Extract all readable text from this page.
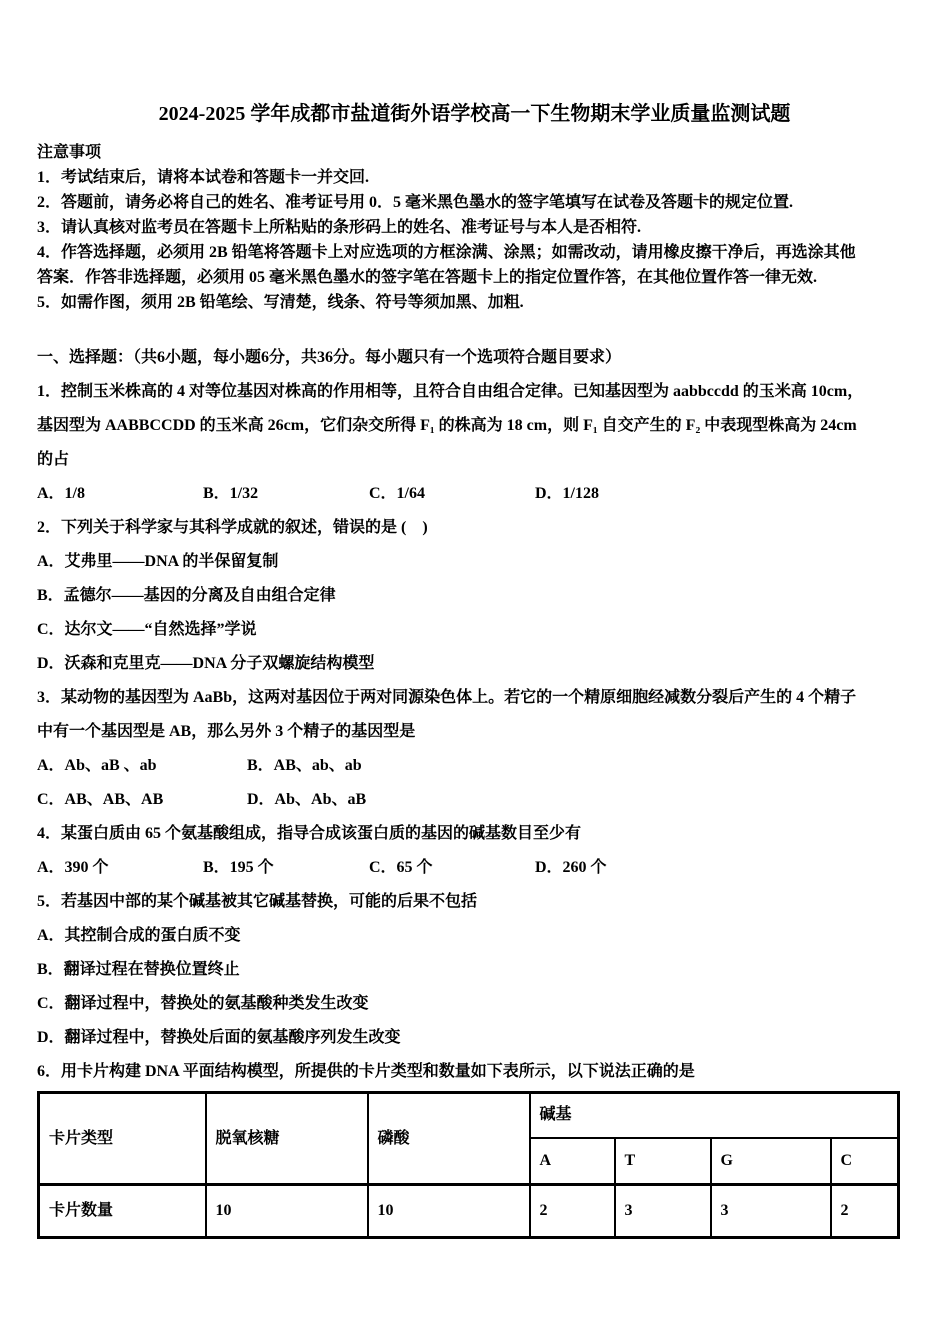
2024-2025 学年成都市盐道街外语学校高一下生物期末学业质量监测试题
注意事项
1．考试结束后，请将本试卷和答题卡一并交回.
2．答题前，请务必将自己的姓名、准考证号用 0．5 毫米黑色墨水的签字笔填写在试卷及答题卡的规定位置.
3．请认真核对监考员在答题卡上所粘贴的条形码上的姓名、准考证号与本人是否相符.
4．作答选择题，必须用 2B 铅笔将答题卡上对应选项的方框涂满、涂黑；如需改动，请用橡皮擦干净后，再选涂其他
答案．作答非选择题，必须用 05 毫米黑色墨水的签字笔在答题卡上的指定位置作答，在其他位置作答一律无效.
5．如需作图，须用 2B 铅笔绘、写清楚，线条、符号等须加黑、加粗.
一、选择题：（共6小题，每小题6分，共36分。每小题只有一个选项符合题目要求）
1．控制玉米株高的 4 对等位基因对株高的作用相等，且符合自由组合定律。已知基因型为 aabbccdd 的玉米高 10cm，
基因型为 AABBCCDD 的玉米高 26cm，它们杂交所得 F₁ 的株高为 18 cm，则 F₁ 自交产生的 F₂ 中表现型株高为 24cm
的占
A．1/8	B．1/32	C．1/64	D．1/128
2．下列关于科学家与其科学成就的叙述，错误的是 (　)
A．艾弗里——DNA 的半保留复制
B．孟德尔——基因的分离及自由组合定律
C．达尔文——“自然选择”学说
D．沃森和克里克——DNA 分子双螺旋结构模型
3．某动物的基因型为 AaBb，这两对基因位于两对同源染色体上。若它的一个精原细胞经减数分裂后产生的 4 个精子
中有一个基因型是 AB，那么另外 3 个精子的基因型是
A．Ab、aB 、ab	B．AB、ab、ab
C．AB、AB、AB	D．Ab、Ab、aB
4．某蛋白质由 65 个氨基酸组成，指导合成该蛋白质的基因的碱基数目至少有
A．390 个	B．195 个	C．65 个	D．260 个
5．若基因中部的某个碱基被其它碱基替换，可能的后果不包括
A．其控制合成的蛋白质不变
B．翻译过程在替换位置终止
C．翻译过程中，替换处的氨基酸种类发生改变
D．翻译过程中，替换处后面的氨基酸序列发生改变
6．用卡片构建 DNA 平面结构模型，所提供的卡片类型和数量如下表所示，以下说法正确的是
卡片类型	脱氧核糖	磷酸	碱基			
			A	T	G	C
卡片数量	10	10	2	3	3	2
